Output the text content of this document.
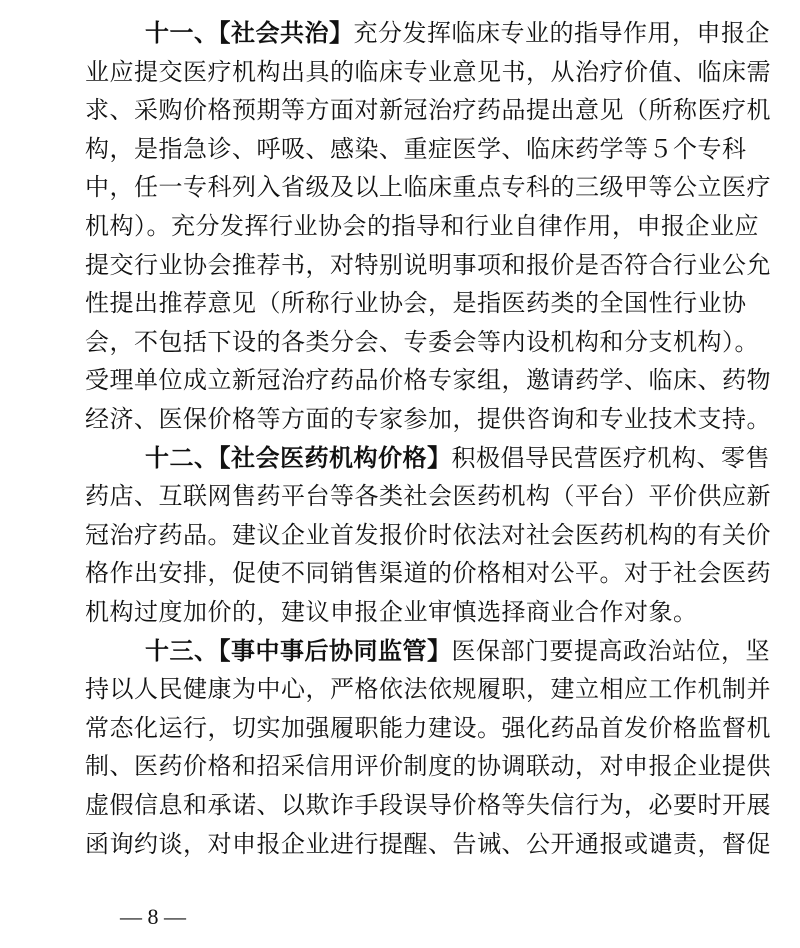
十一、【社会共治】充分发挥临床专业的指导作用，申报企
业应提交医疗机构出具的临床专业意见书，从治疗价值、临床需
求、采购价格预期等方面对新冠治疗药品提出意见（所称医疗机
构，是指急诊、呼吸、感染、重症医学、临床药学等５个专科
中，任一专科列入省级及以上临床重点专科的三级甲等公立医疗
机构）。充分发挥行业协会的指导和行业自律作用，申报企业应
提交行业协会推荐书，对特别说明事项和报价是否符合行业公允
性提出推荐意见（所称行业协会，是指医药类的全国性行业协
会，不包括下设的各类分会、专委会等内设机构和分支机构）。
受理单位成立新冠治疗药品价格专家组，邀请药学、临床、药物
经济、医保价格等方面的专家参加，提供咨询和专业技术支持。
十二、【社会医药机构价格】积极倡导民营医疗机构、零售
药店、互联网售药平台等各类社会医药机构（平台）平价供应新
冠治疗药品。建议企业首发报价时依法对社会医药机构的有关价
格作出安排，促使不同销售渠道的价格相对公平。对于社会医药
机构过度加价的，建议申报企业审慎选择商业合作对象。
十三、【事中事后协同监管】医保部门要提高政治站位，坚
持以人民健康为中心，严格依法依规履职，建立相应工作机制并
常态化运行，切实加强履职能力建设。强化药品首发价格监督机
制、医药价格和招采信用评价制度的协调联动，对申报企业提供
虚假信息和承诺、以欺诈手段误导价格等失信行为，必要时开展
函询约谈，对申报企业进行提醒、告诫、公开通报或谴责，督促
— 8 —
